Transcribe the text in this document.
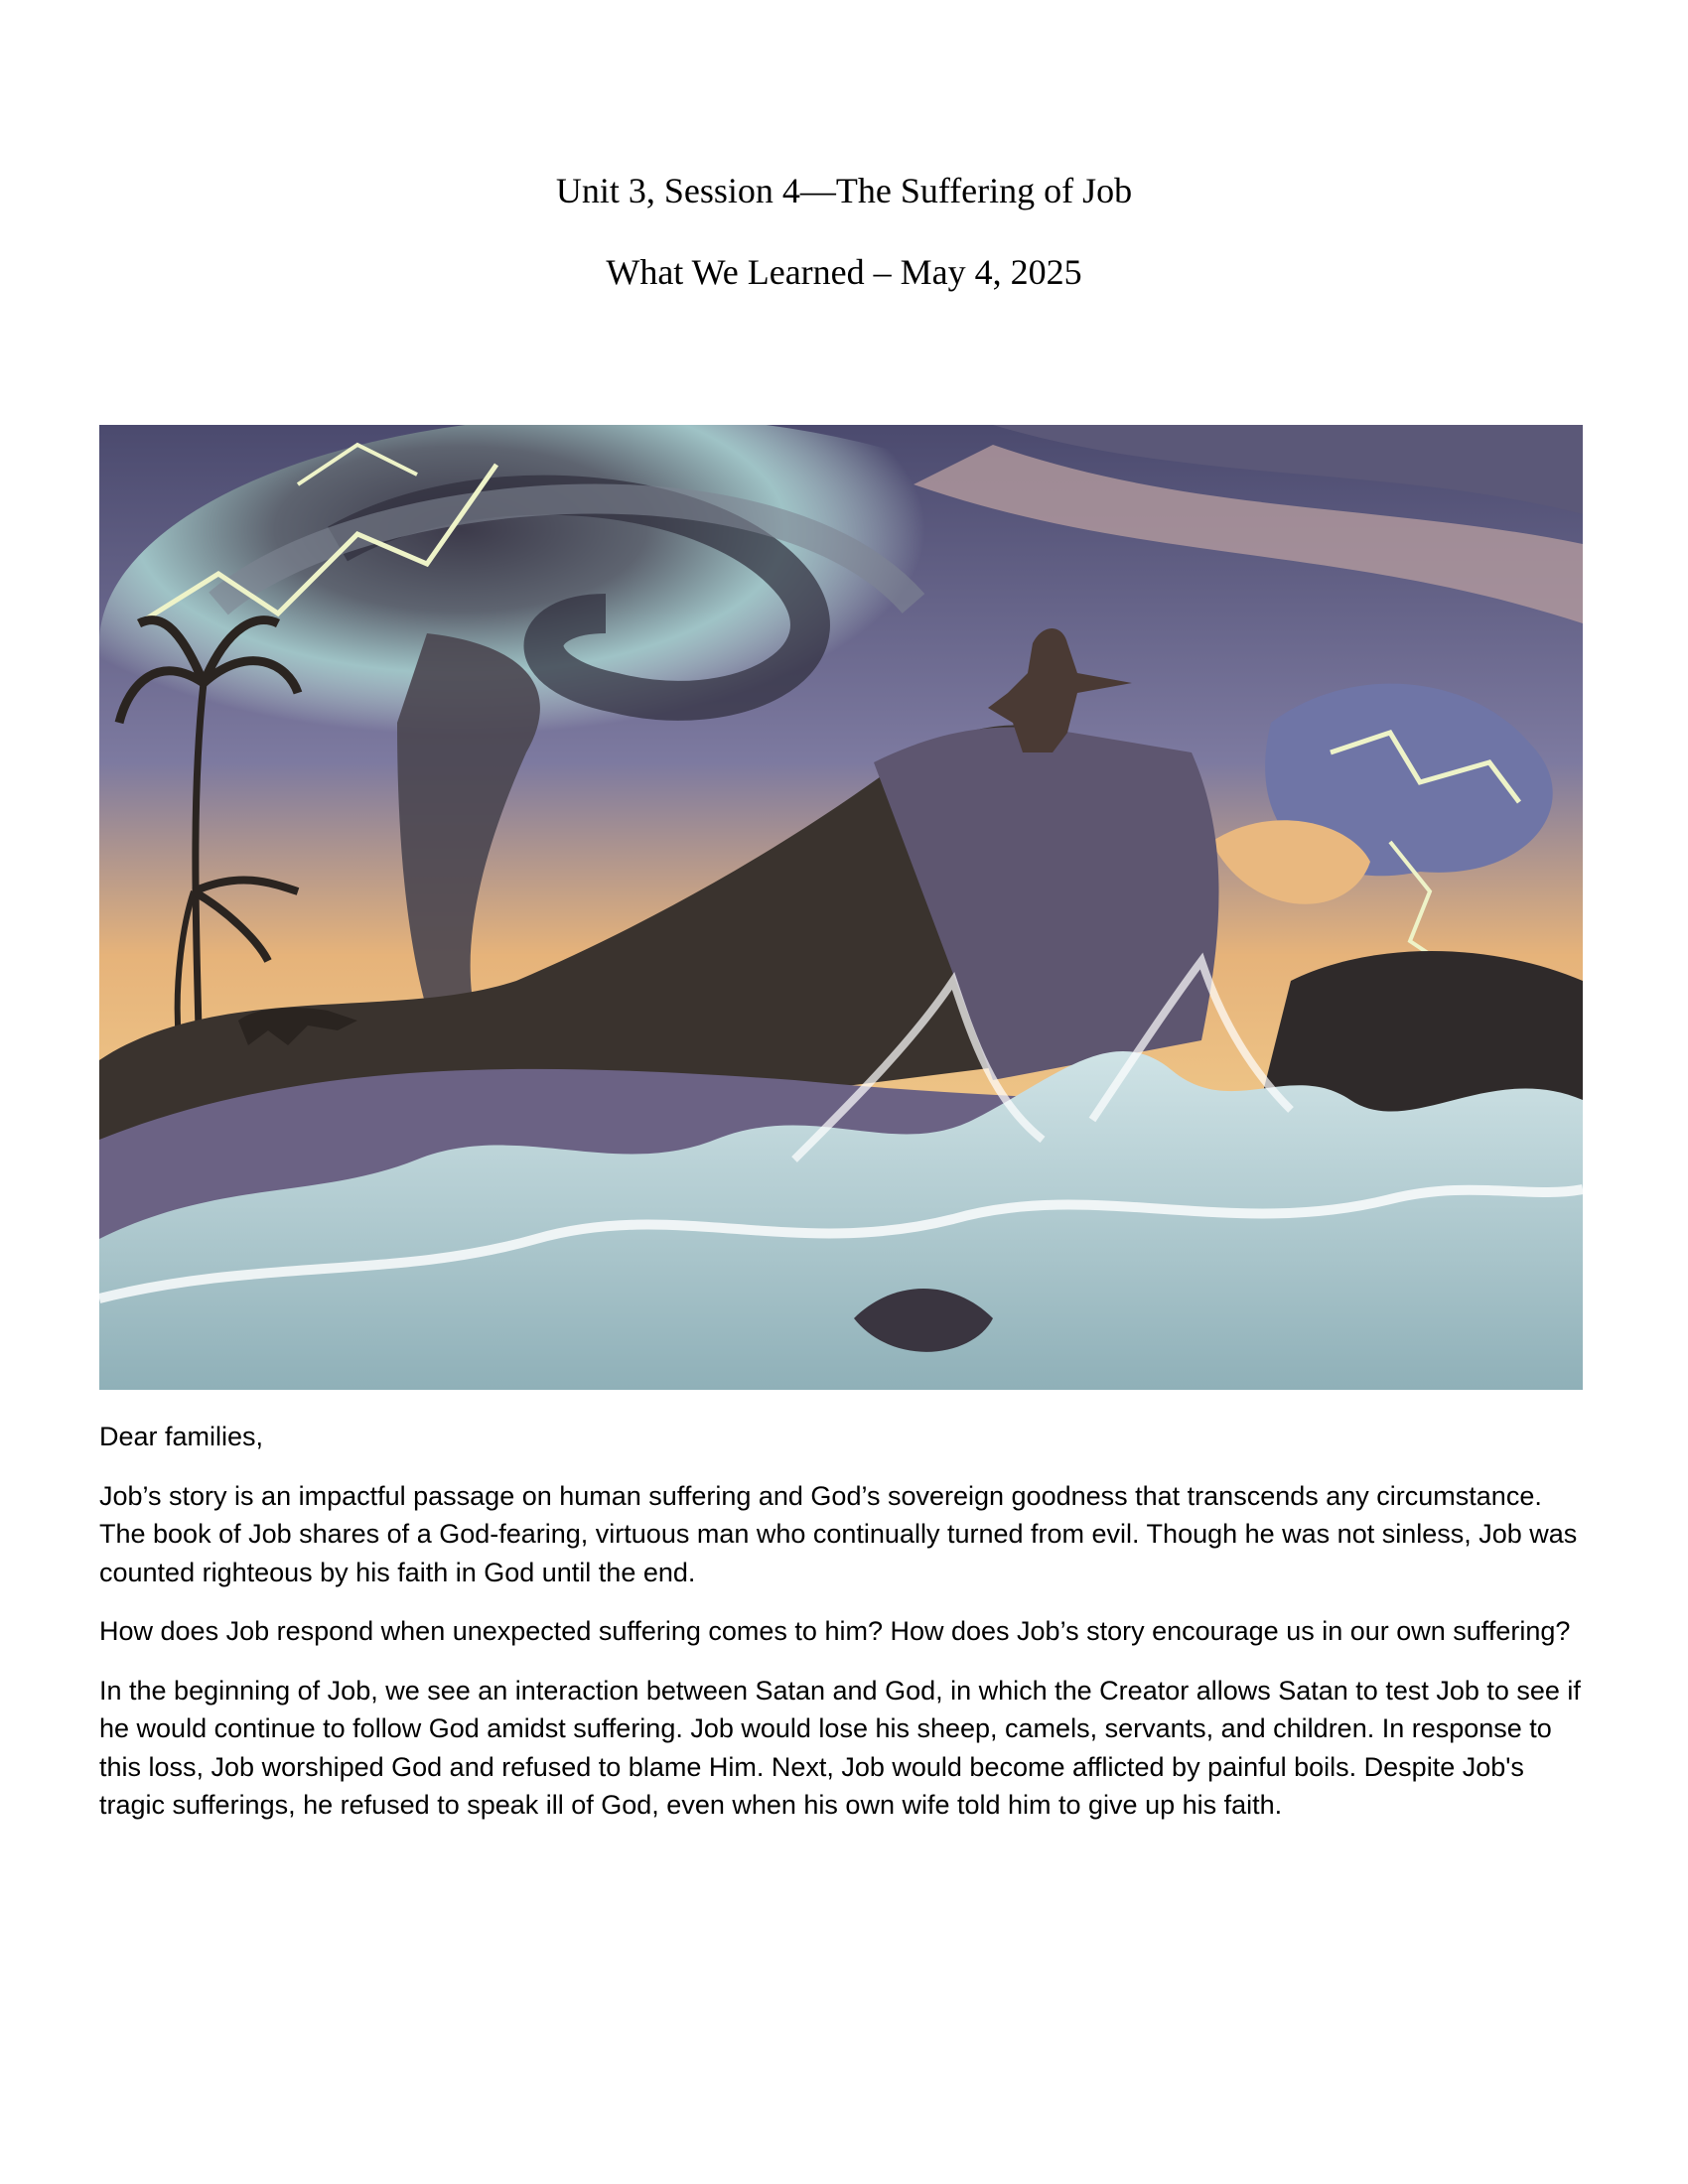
Unit 3, Session 4—The Suffering of Job
What We Learned – May 4, 2025

Dear families,

Job’s story is an impactful passage on human suffering and God’s sovereign goodness that transcends any circumstance. The book of Job shares of a God-fearing, virtuous man who continually turned from evil. Though he was not sinless, Job was counted righteous by his faith in God until the end.

How does Job respond when unexpected suffering comes to him? How does Job’s story encourage us in our own suffering?

In the beginning of Job, we see an interaction between Satan and God, in which the Creator allows Satan to test Job to see if he would continue to follow God amidst suffering. Job would lose his sheep, camels, servants, and children. In response to this loss, Job worshiped God and refused to blame Him. Next, Job would become afflicted by painful boils. Despite Job's tragic sufferings, he refused to speak ill of God, even when his own wife told him to give up his faith.
